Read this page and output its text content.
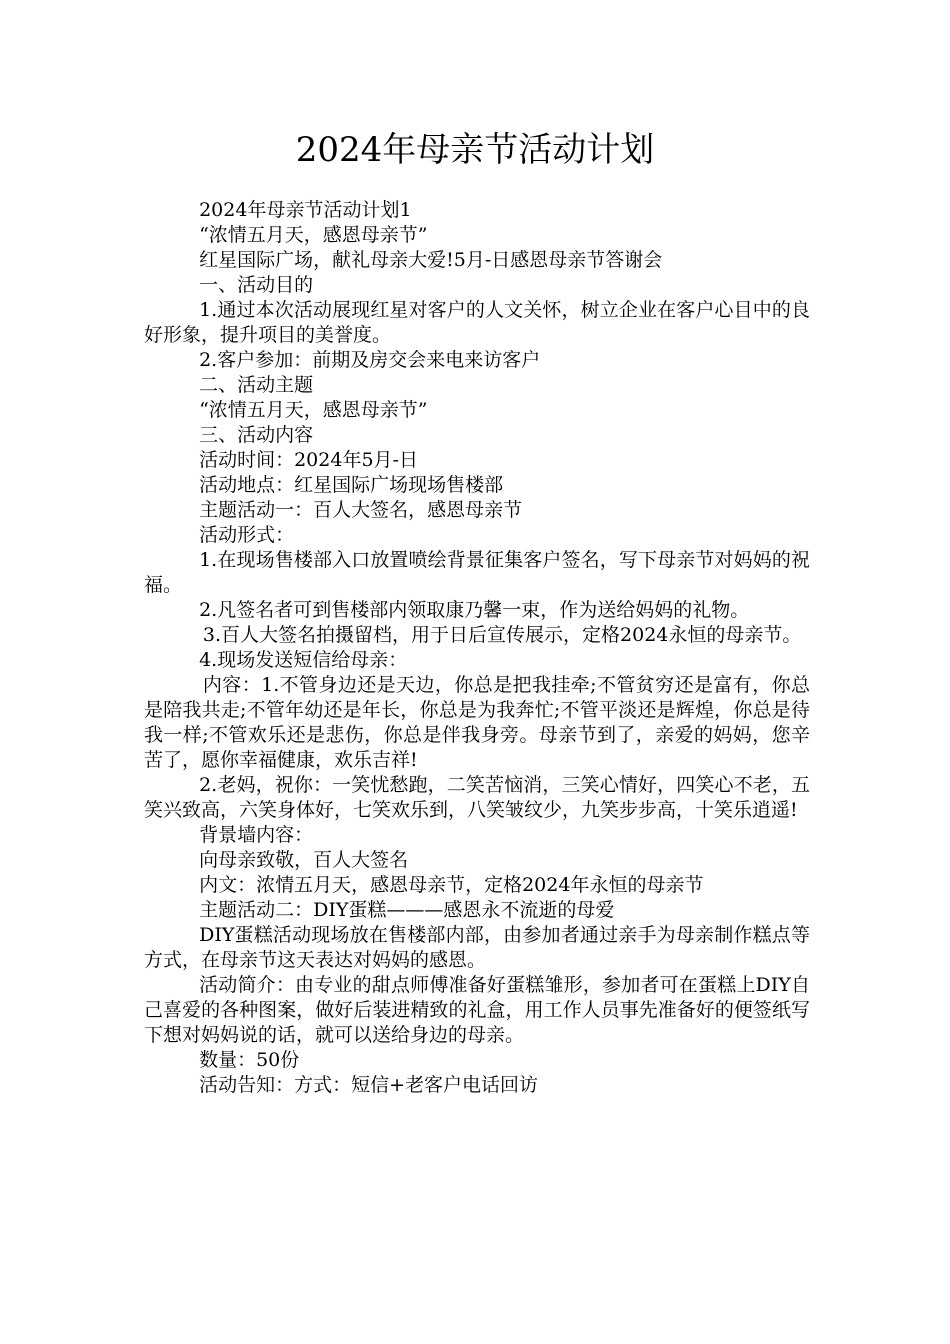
2024年母亲节活动计划

2024年母亲节活动计划1

“浓情五月天，感恩母亲节”

红星国际广场，献礼母亲大爱!5月-日感恩母亲节答谢会

一、活动目的

1.通过本次活动展现红星对客户的人文关怀，树立企业在客户心目中的良好形象，提升项目的美誉度。

2.客户参加：前期及房交会来电来访客户

二、活动主题

“浓情五月天，感恩母亲节”

三、活动内容

活动时间：2024年5月-日

活动地点：红星国际广场现场售楼部

主题活动一：百人大签名，感恩母亲节

活动形式：

1.在现场售楼部入口放置喷绘背景征集客户签名，写下母亲节对妈妈的祝福。

2.凡签名者可到售楼部内领取康乃馨一束，作为送给妈妈的礼物。

3.百人大签名拍摄留档，用于日后宣传展示，定格2024永恒的母亲节。

4.现场发送短信给母亲：

内容：1.不管身边还是天边，你总是把我挂牵;不管贫穷还是富有，你总是陪我共走;不管年幼还是年长，你总是为我奔忙;不管平淡还是辉煌，你总是待我一样;不管欢乐还是悲伤，你总是伴我身旁。母亲节到了，亲爱的妈妈，您辛苦了，愿你幸福健康，欢乐吉祥!

2.老妈，祝你：一笑忧愁跑，二笑苦恼消，三笑心情好，四笑心不老，五笑兴致高，六笑身体好，七笑欢乐到，八笑皱纹少，九笑步步高，十笑乐逍遥!

背景墙内容：

向母亲致敬，百人大签名

内文：浓情五月天，感恩母亲节，定格2024年永恒的母亲节

主题活动二：DIY蛋糕———感恩永不流逝的母爱

DIY蛋糕活动现场放在售楼部内部，由参加者通过亲手为母亲制作糕点等方式，在母亲节这天表达对妈妈的感恩。

活动简介：由专业的甜点师傅准备好蛋糕雏形，参加者可在蛋糕上DIY自己喜爱的各种图案，做好后装进精致的礼盒，用工作人员事先准备好的便签纸写下想对妈妈说的话，就可以送给身边的母亲。

数量：50份

活动告知：方式：短信+老客户电话回访
